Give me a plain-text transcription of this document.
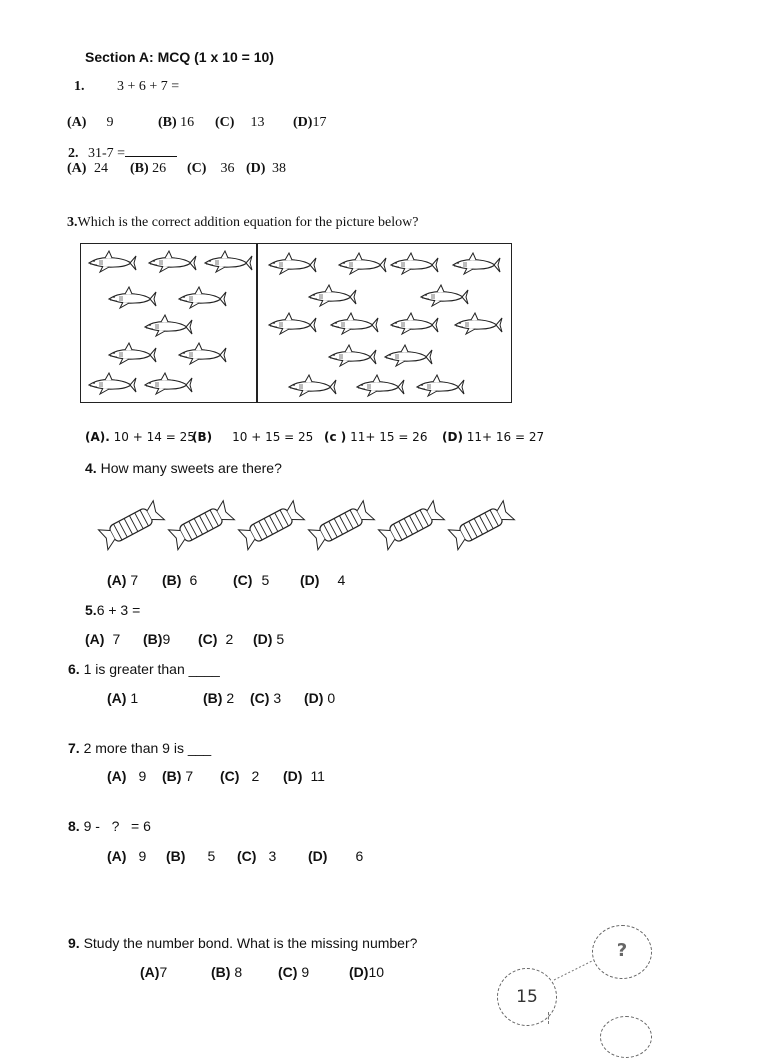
Section A: MCQ (1 x 10 = 10)
1. 3 + 6 + 7 =
(A) 9	(B) 16 (C) 13 (D)17
2. 31-7 =
(A) 24 (B) 26 (C) 36 (D) 38
3.Which is the correct addition equation for the picture below?
(A). 10 + 14 = 25
(B) 10 + 15 = 25 (c ) 11+ 15 = 26 (D) 11+ 16 = 27
4. How many sweets are there?
(A) 7 (B) 6	(C) 5 (D) 4
5.6 + 3 =
(A) 7 (B)9 (C) 2 (D) 5
6. 1 is greater than ____
(A) 1	(B) 2 (C) 3 (D) 0
7. 2 more than 9 is ___
(A) 9 (B) 7 (C) 2 (D) 11
8. 9 -   ?   = 6
(A) 9 (B) 5 (C) 3 (D) 6
9. Study the number bond. What is the missing number?
(A)7	(B) 8	(C) 9	(D)10
?
15
